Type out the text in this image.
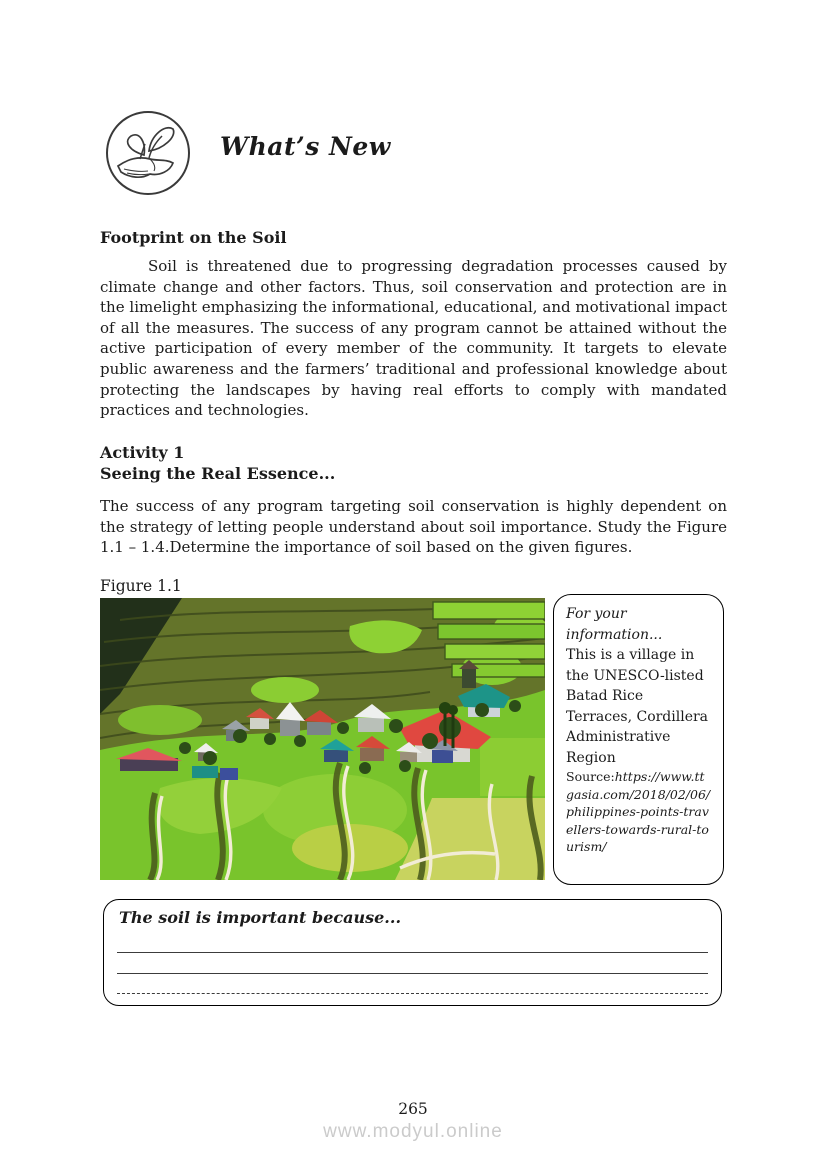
What’s New
Footprint on the Soil

Soil is threatened due to progressing degradation processes caused by climate change and other factors. Thus, soil conservation and protection are in the limelight emphasizing the informational, educational, and motivational impact of all the measures. The success of any program cannot be attained without the active participation of every member of the community. It targets to elevate public awareness and the farmers’ traditional and professional knowledge about protecting the landscapes by having real efforts to comply with mandated practices and technologies.

Activity 1
Seeing the Real Essence...

The success of any program targeting soil conservation is highly dependent on the strategy of letting people understand about soil importance. Study the Figure 1.1 – 1.4.Determine the importance of soil based on the given figures.

Figure 1.1
For your information...
This is a village in the UNESCO-listed Batad Rice Terraces, Cordillera Administrative Region
Source:https://www.ttgasia.com/2018/02/06/philippines-points-travellers-towards-rural-tourism/
The soil is important because...
265
www.modyul.online
